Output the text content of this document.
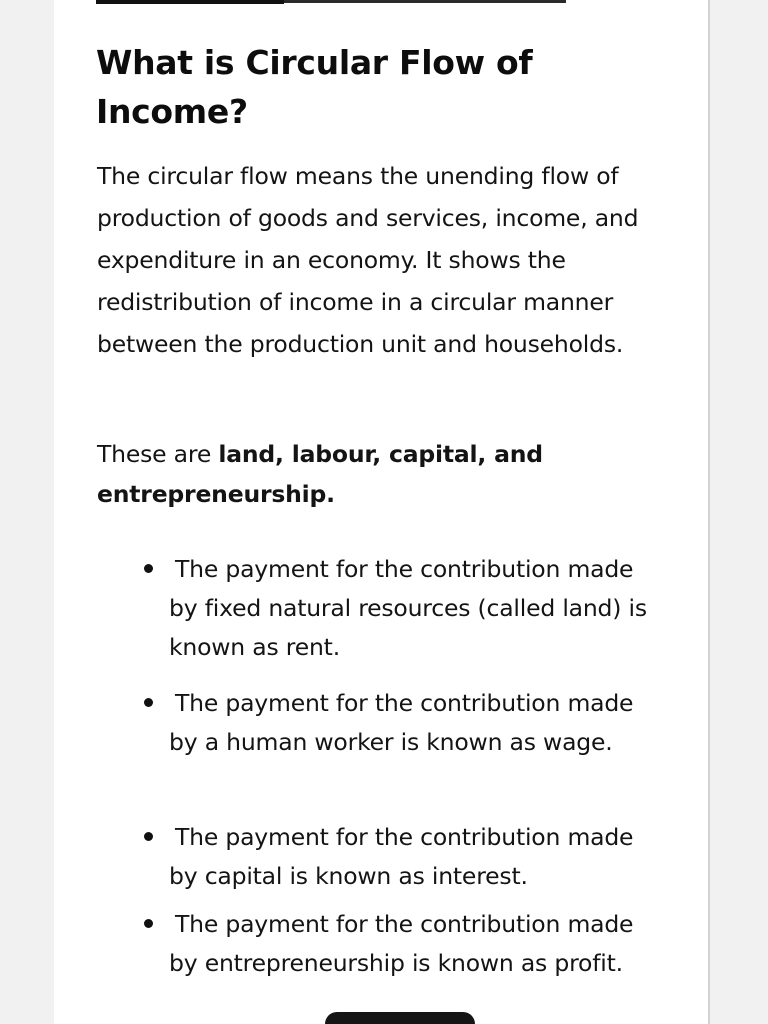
What is Circular Flow of Income?

The circular flow means the unending flow of production of goods and services, income, and expenditure in an economy. It shows the redistribution of income in a circular manner between the production unit and households.

These are land, labour, capital, and entrepreneurship.

The payment for the contribution made by fixed natural resources (called land) is known as rent.
The payment for the contribution made by a human worker is known as wage.
The payment for the contribution made by capital is known as interest.
The payment for the contribution made by entrepreneurship is known as profit.
